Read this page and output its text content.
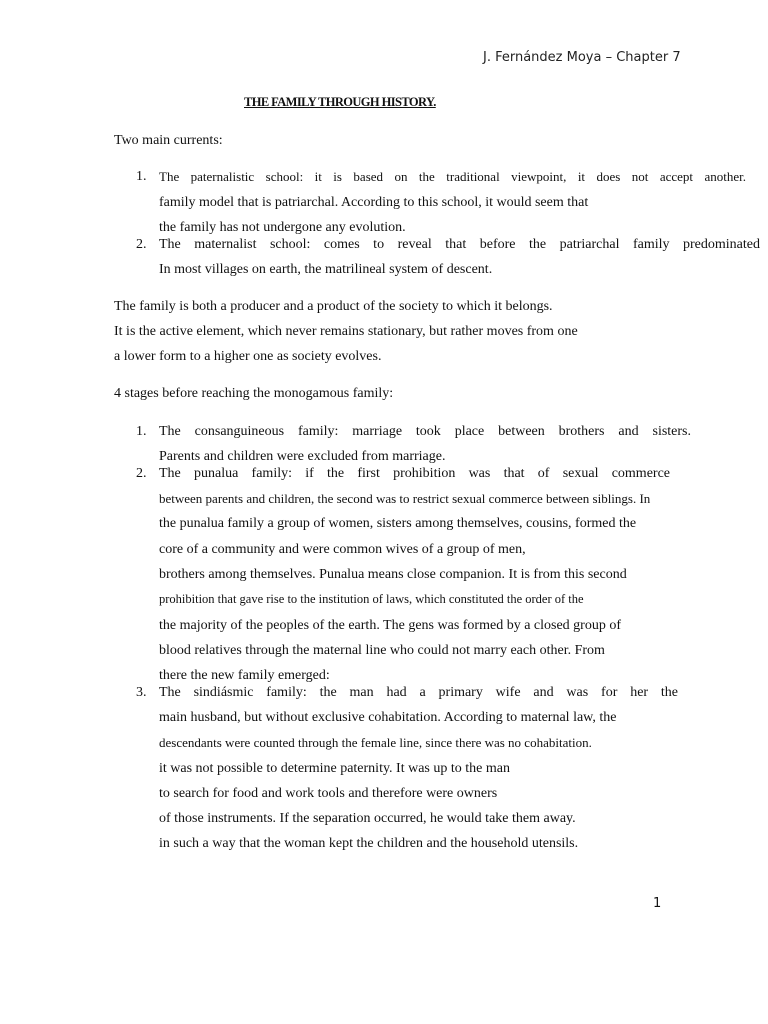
J. Fernández Moya – Chapter 7
THE FAMILY THROUGH HISTORY.
Two main currents:
1. The paternalistic school: it is based on the traditional viewpoint, it does not accept another.
family model that is patriarchal. According to this school, it would seem that
the family has not undergone any evolution.
2. The maternalist school: comes to reveal that before the patriarchal family predominated
In most villages on earth, the matrilineal system of descent.
The family is both a producer and a product of the society to which it belongs.
It is the active element, which never remains stationary, but rather moves from one
a lower form to a higher one as society evolves.
4 stages before reaching the monogamous family:
1. The consanguineous family: marriage took place between brothers and sisters.
Parents and children were excluded from marriage.
2. The punalua family: if the first prohibition was that of sexual commerce
between parents and children, the second was to restrict sexual commerce between siblings. In
the punalua family a group of women, sisters among themselves, cousins, formed the
core of a community and were common wives of a group of men,
brothers among themselves. Punalua means close companion. It is from this second
prohibition that gave rise to the institution of laws, which constituted the order of the
the majority of the peoples of the earth. The gens was formed by a closed group of
blood relatives through the maternal line who could not marry each other. From
there the new family emerged:
3. The sindiásmic family: the man had a primary wife and was for her the
main husband, but without exclusive cohabitation. According to maternal law, the
descendants were counted through the female line, since there was no cohabitation.
it was not possible to determine paternity. It was up to the man
to search for food and work tools and therefore were owners
of those instruments. If the separation occurred, he would take them away.
in such a way that the woman kept the children and the household utensils.
1
